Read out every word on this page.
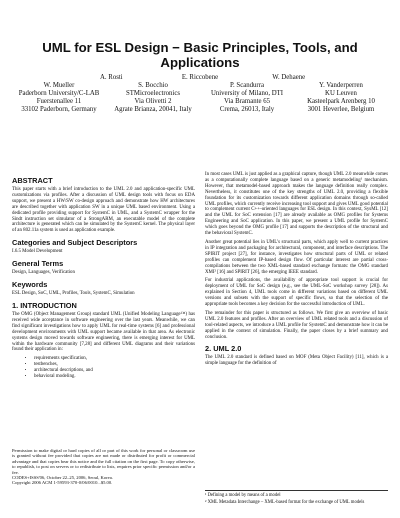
UML for ESL Design − Basic Principles, Tools, and Applications
A. Rosti	E. Riccobene	W. Dehaene
W. Mueller	S. Bocchio	P. Scandurra	Y. Vanderperren
Paderborn University/C-LAB	STMicroelectronics	University of Milano, DTI	KU Leuven
Fuerstenallee 11	Via Olivetti 2	Via Bramante 65	Kasteelpark Arenberg 10
33102 Paderborn, Germany	Agrate Brianza, 20041, Italy	Crema, 26013, Italy	3001 Heverlee, Belgium
ABSTRACT

This paper starts with a brief introduction to the UML 2.0 and application-specific UML customizations via profiles. After a discussion of UML design tools with focus on EDA support, we present a HW/SW co-design approach and demonstrate how HW architectures are described together with application SW in a unique UML based environment. Using a dedicated profile providing support for SystemC in UML, and a SystemC wrapper for the Sindt instruction set simulator of a StrongARM, an executable model of the complete architecture is generated which can be simulated by the SystemC kernel. The physical layer of an 802.11a system is used as application example.

Categories and Subject Descriptors

I.6.5 Model Development

General Terms

Design, Languages, Verification

Keywords

ESL Design, SoC, UML, Profiles, Tools, SystemC, Simulation

1. INTRODUCTION

The OMG (Object Management Group) standard UML (Unified Modeling Language™) has received wide acceptance in software engineering over the last years. Meanwhile, we can find significant investigations how to apply UML for real-time systems [6] and professional development environments with UML support became available in that area. As electronic systems design moved towards software engineering, there is emerging interest for UML within the hardware community [7,28] and different UML diagrams and their variations found their application in:

• requirements specification,
• testbenches,
• architectural descriptions, and
• behavioral modeling.
Permission to make digital or hard copies of all or part of this work for personal or classroom use is granted without fee provided that copies are not made or distributed for profit or commercial advantage and that copies bear this notice and the full citation on the first page. To copy otherwise, to republish, to post on servers or to redistribute to lists, requires prior specific permission and/or a fee.
CODES+ISSS'06, October 22–25, 2006, Seoul, Korea.
Copyright 2006 ACM 1-59593-370-0/06/0010...$5.00.

In most cases UML is just applied as a graphical capture, though UML 2.0 meanwhile comes as a computationally complete language based on a generic metamodeling¹ mechanism. However, that metamodel-based approach makes the language definition really complex. Nevertheless, it constitutes one of the key strengths of UML 2.0, providing a flexible foundation for its customization towards different application domains through so-called UML profiles, which currently receive increasing tool support and gives UML good potential to complement current C++-oriented languages for ESL design. In this context, SysML [12] and the UML for SoC extension [17] are already available as OMG profiles for Systems Engineering and SoC application. In this paper, we present a UML profile for SystemC which goes beyond the OMG profile [17] and supports the description of the structural and the behavioral SystemC.

Another great potential lies in UML's structural parts, which apply well to current practices in IP integration and packaging for architectural, component, and interface descriptions. The SPIRIT project [27], for instance, investigates how structural parts of UML or related profiles can complement IP-based design flow. Of particular interest are partial cross-compilations between the two XML-based standard exchange formats: the OMG standard XMI² [16] and SPIRIT [26], the emerging IEEE standard.

For industrial applications, the availability of appropriate tool support is crucial for deployment of UML for SoC design (e.g., see the UML-SoC workshop survey [28]). As explained in Section 4, UML tools come in different variations based on different UML versions and subsets with the support of specific flows, so that the selection of the appropriate tools becomes a key decision for the successful introduction of UML.

The remainder for this paper is structured as follows. We first give an overview of basic UML 2.0 features and profiles. After an overview of UML related tools and a discussion of tool-related aspects, we introduce a UML profile for SystemC and demonstrate how it can be applied in the context of simulation. Finally, the paper closes by a brief summary and conclusion.

2. UML 2.0

The UML 2.0 standard is defined based on MOF (Meta Object Facility) [11], which is a simple language for the definition of

¹ Defining a model by means of a model
² XML Metadata Interchange – XML-based format for the exchange of UML models
